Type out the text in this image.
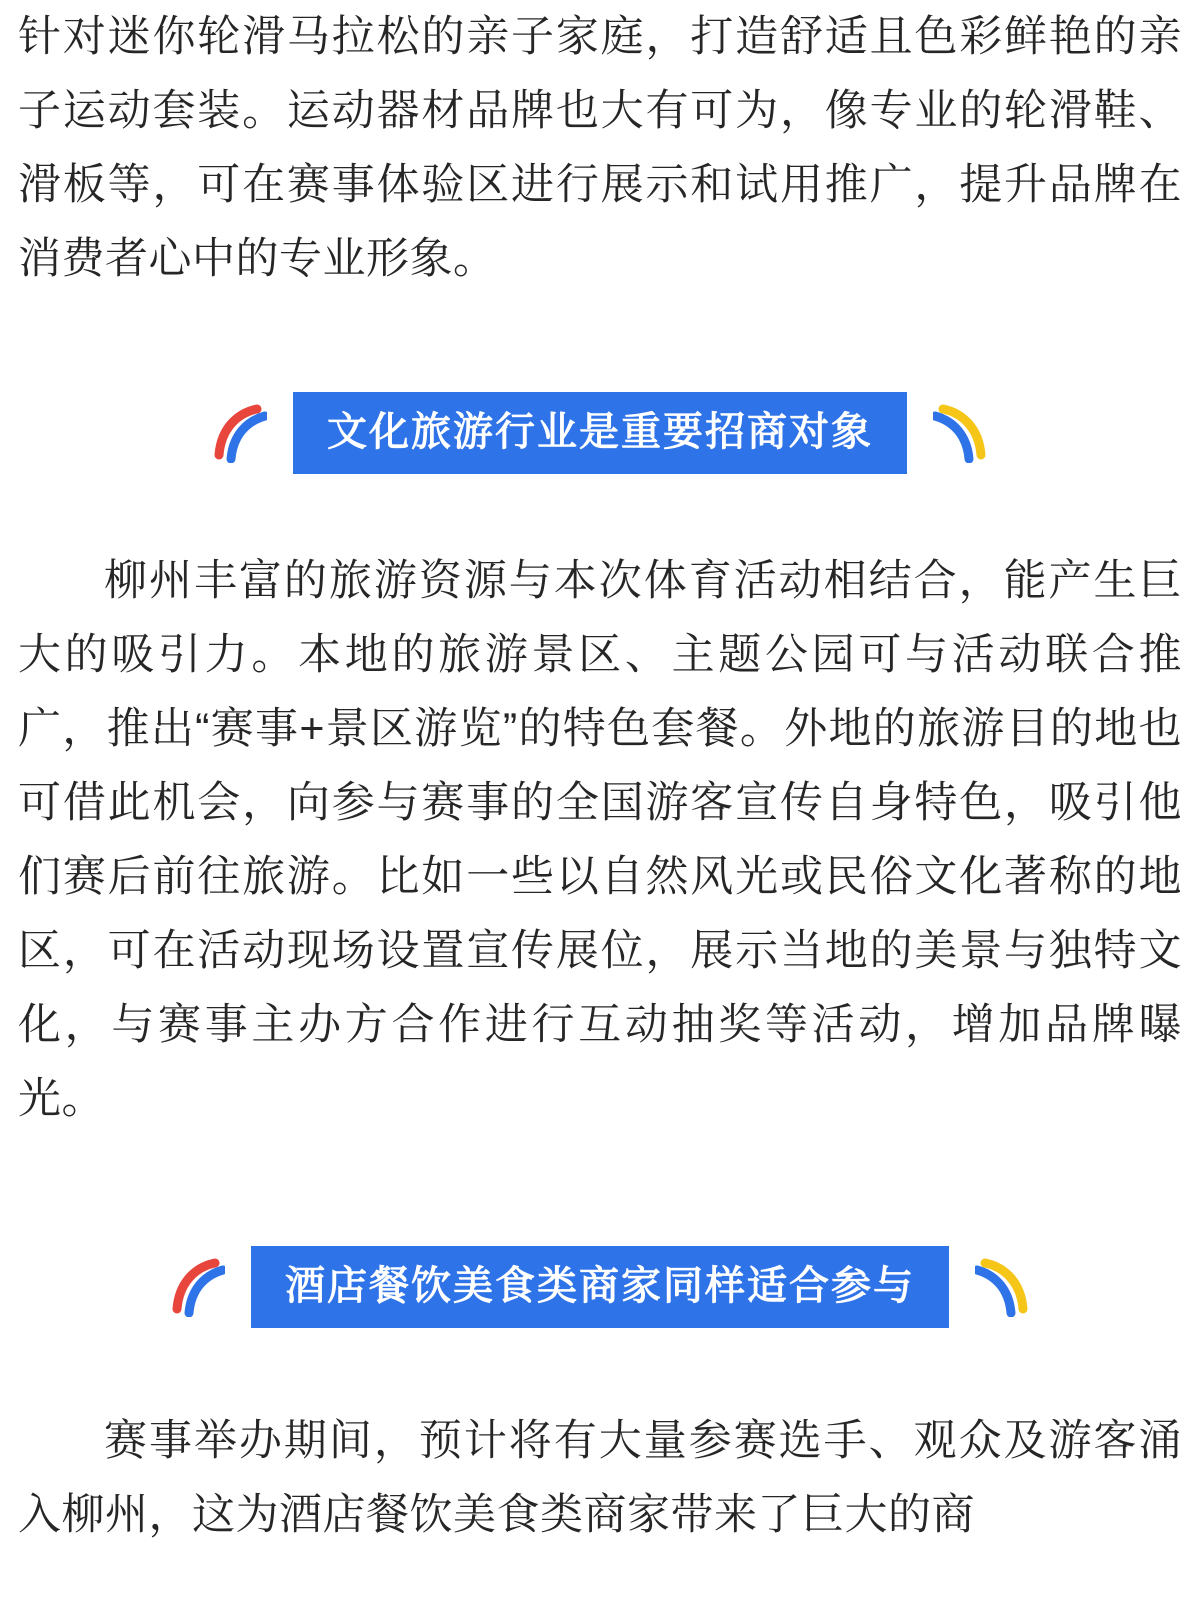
针对迷你轮滑马拉松的亲子家庭，打造舒适且色彩鲜艳的亲子运动套装。运动器材品牌也大有可为，像专业的轮滑鞋、滑板等，可在赛事体验区进行展示和试用推广，提升品牌在消费者心中的专业形象。

文化旅游行业是重要招商对象

柳州丰富的旅游资源与本次体育活动相结合，能产生巨大的吸引力。本地的旅游景区、主题公园可与活动联合推广，推出“赛事+景区游览”的特色套餐。外地的旅游目的地也可借此机会，向参与赛事的全国游客宣传自身特色，吸引他们赛后前往旅游。比如一些以自然风光或民俗文化著称的地区，可在活动现场设置宣传展位，展示当地的美景与独特文化，与赛事主办方合作进行互动抽奖等活动，增加品牌曝光。

酒店餐饮美食类商家同样适合参与

赛事举办期间，预计将有大量参赛选手、观众及游客涌入柳州，这为酒店餐饮美食类商家带来了巨大的商
